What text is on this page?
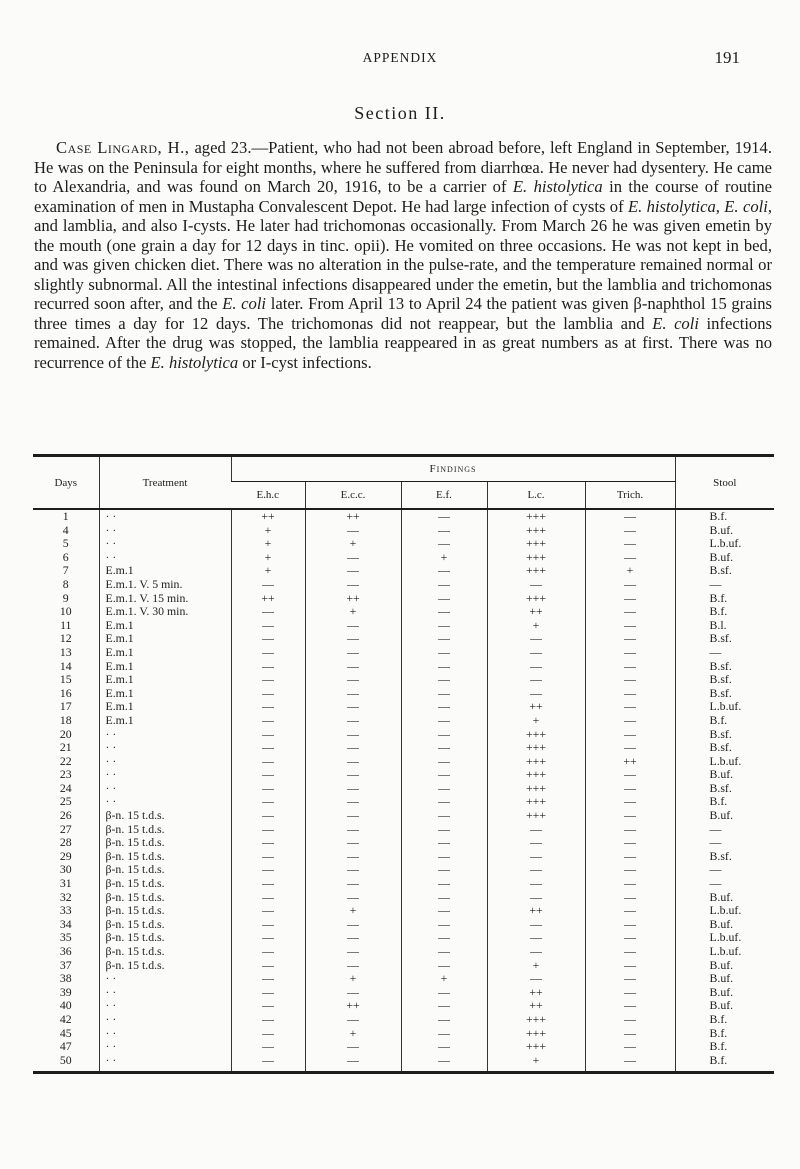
APPENDIX	191
Section II.

Case Lingard, H., aged 23.—Patient, who had not been abroad before, left England in September, 1914. He was on the Peninsula for eight months, where he suffered from diarrhœa. He never had dysentery. He came to Alexandria, and was found on March 20, 1916, to be a carrier of E. histolytica in the course of routine examination of men in Mustapha Convalescent Depot. He had large infection of cysts of E. histolytica, E. coli, and lamblia, and also I-cysts. He later had trichomonas occasionally. From March 26 he was given emetin by the mouth (one grain a day for 12 days in tinc. opii). He vomited on three occasions. He was not kept in bed, and was given chicken diet. There was no alteration in the pulse-rate, and the temperature remained normal or slightly subnormal. All the intestinal infections disappeared under the emetin, but the lamblia and trichomonas recurred soon after, and the E. coli later. From April 13 to April 24 the patient was given β-naphthol 15 grains three times a day for 12 days. The trichomonas did not reappear, but the lamblia and E. coli infections remained. After the drug was stopped, the lamblia reappeared in as great numbers as at first. There was no recurrence of the E. histolytica or I-cyst infections.

Days	Treatment	Findings					Stool
		E.h.c	E.c.c.	E.f.	L.c.	Trich.	
1	· ·	++	++	—	+++	—	B.f.
4	· ·	+	—	—	+++	—	B.uf.
5	· ·	+	+	—	+++	—	L.b.uf.
6	· ·	+	—	+	+++	—	B.uf.
7	E.m.1	+	—	—	+++	+	B.sf.
8	E.m.1. V. 5 min.	—	—	—	—	—	—
9	E.m.1. V. 15 min.	++	++	—	+++	—	B.f.
10	E.m.1. V. 30 min.	—	+	—	++	—	B.f.
11	E.m.1	—	—	—	+	—	B.l.
12	E.m.1	—	—	—	—	—	B.sf.
13	E.m.1	—	—	—	—	—	—
14	E.m.1	—	—	—	—	—	B.sf.
15	E.m.1	—	—	—	—	—	B.sf.
16	E.m.1	—	—	—	—	—	B.sf.
17	E.m.1	—	—	—	++	—	L.b.uf.
18	E.m.1	—	—	—	+	—	B.f.
20	· ·	—	—	—	+++	—	B.sf.
21	· ·	—	—	—	+++	—	B.sf.
22	· ·	—	—	—	+++	++	L.b.uf.
23	· ·	—	—	—	+++	—	B.uf.
24	· ·	—	—	—	+++	—	B.sf.
25	· ·	—	—	—	+++	—	B.f.
26	β-n. 15 t.d.s.	—	—	—	+++	—	B.uf.
27	β-n. 15 t.d.s.	—	—	—	—	—	—
28	β-n. 15 t.d.s.	—	—	—	—	—	—
29	β-n. 15 t.d.s.	—	—	—	—	—	B.sf.
30	β-n. 15 t.d.s.	—	—	—	—	—	—
31	β-n. 15 t.d.s.	—	—	—	—	—	—
32	β-n. 15 t.d.s.	—	—	—	—	—	B.uf.
33	β-n. 15 t.d.s.	—	+	—	++	—	L.b.uf.
34	β-n. 15 t.d.s.	—	—	—	—	—	B.uf.
35	β-n. 15 t.d.s.	—	—	—	—	—	L.b.uf.
36	β-n. 15 t.d.s.	—	—	—	—	—	L.b.uf.
37	β-n. 15 t.d.s.	—	—	—	+	—	B.uf.
38	· ·	—	+	+	—	—	B.uf.
39	· ·	—	—	—	++	—	B.uf.
40	· ·	—	++	—	++	—	B.uf.
42	· ·	—	—	—	+++	—	B.f.
45	· ·	—	+	—	+++	—	B.f.
47	· ·	—	—	—	+++	—	B.f.
50	· ·	—	—	—	+	—	B.f.
